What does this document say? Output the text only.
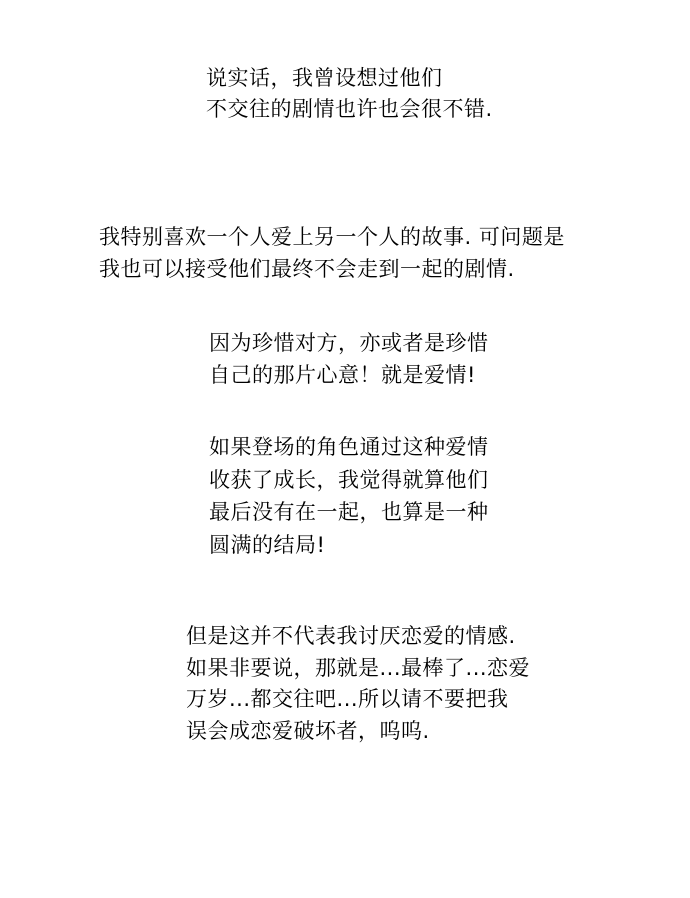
说实话，我曾设想过他们
不交往的剧情也许也会很不错.
我特别喜欢一个人爱上另一个人的故事. 可问题是
我也可以接受他们最终不会走到一起的剧情.
因为珍惜对方，亦或者是珍惜
自己的那片心意！就是爱情!
如果登场的角色通过这种爱情
收获了成长，我觉得就算他们
最后没有在一起，也算是一种
圆满的结局!
但是这并不代表我讨厌恋爱的情感.
如果非要说，那就是...最棒了...恋爱
万岁...都交往吧...所以请不要把我
误会成恋爱破坏者，呜呜.
